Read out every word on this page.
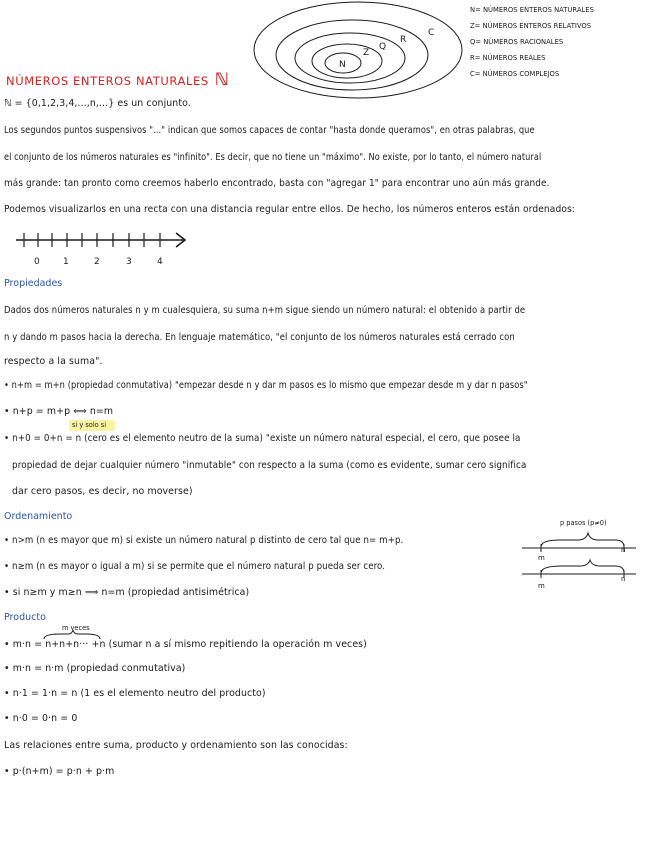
N
Z
Q
R
C
0	1	2	3	4
m
n
m
n
N= NÚMEROS ENTEROS NATURALES
Z= NÚMEROS ENTEROS RELATIVOS
Q= NÚMEROS RACIONALES
R= NÚMEROS REALES
C= NÚMEROS COMPLEJOS
NÚMEROS ENTEROS NATURALES ℕ
ℕ = {0,1,2,3,4,...,n,...} es un conjunto.
Los segundos puntos suspensivos "..." indican que somos capaces de contar "hasta donde queramos", en otras palabras, que
el conjunto de los números naturales es "infinito". Es decir, que no tiene un "máximo". No existe, por lo tanto, el número natural
más grande: tan pronto como creemos haberlo encontrado, basta con "agregar 1" para encontrar uno aún más grande.
Podemos visualizarlos en una recta con una distancia regular entre ellos. De hecho, los números enteros están ordenados:
Propiedades
Dados dos números naturales n y m cualesquiera, su suma n+m sigue siendo un número natural: el obtenido a partir de
n y dando m pasos hacia la derecha. En lenguaje matemático, "el conjunto de los números naturales está cerrado con
respecto a la suma".
• n+m = m+n (propiedad conmutativa) "empezar desde n y dar m pasos es lo mismo que empezar desde m y dar n pasos"
• n+p = m+p ⟺ n=m
si y solo si
• n+0 = 0+n = n (cero es el elemento neutro de la suma) "existe un número natural especial, el cero, que posee la
propiedad de dejar cualquier número "inmutable" con respecto a la suma (como es evidente, sumar cero significa
dar cero pasos, es decir, no moverse)
Ordenamiento
p pasos (p≠0)
• n>m (n es mayor que m) si existe un número natural p distinto de cero tal que n= m+p.
• n≥m (n es mayor o igual a m) si se permite que el número natural p pueda ser cero.
• si n≥m y m≥n ⟹ n=m (propiedad antisimétrica)
Producto
m veces
• m·n = n+n+n··· +n (sumar n a sí mismo repitiendo la operación m veces)
• m·n = n·m (propiedad conmutativa)
• n·1 = 1·n = n (1 es el elemento neutro del producto)
• n·0 = 0·n = 0
Las relaciones entre suma, producto y ordenamiento son las conocidas:
• p·(n+m) = p·n + p·m
